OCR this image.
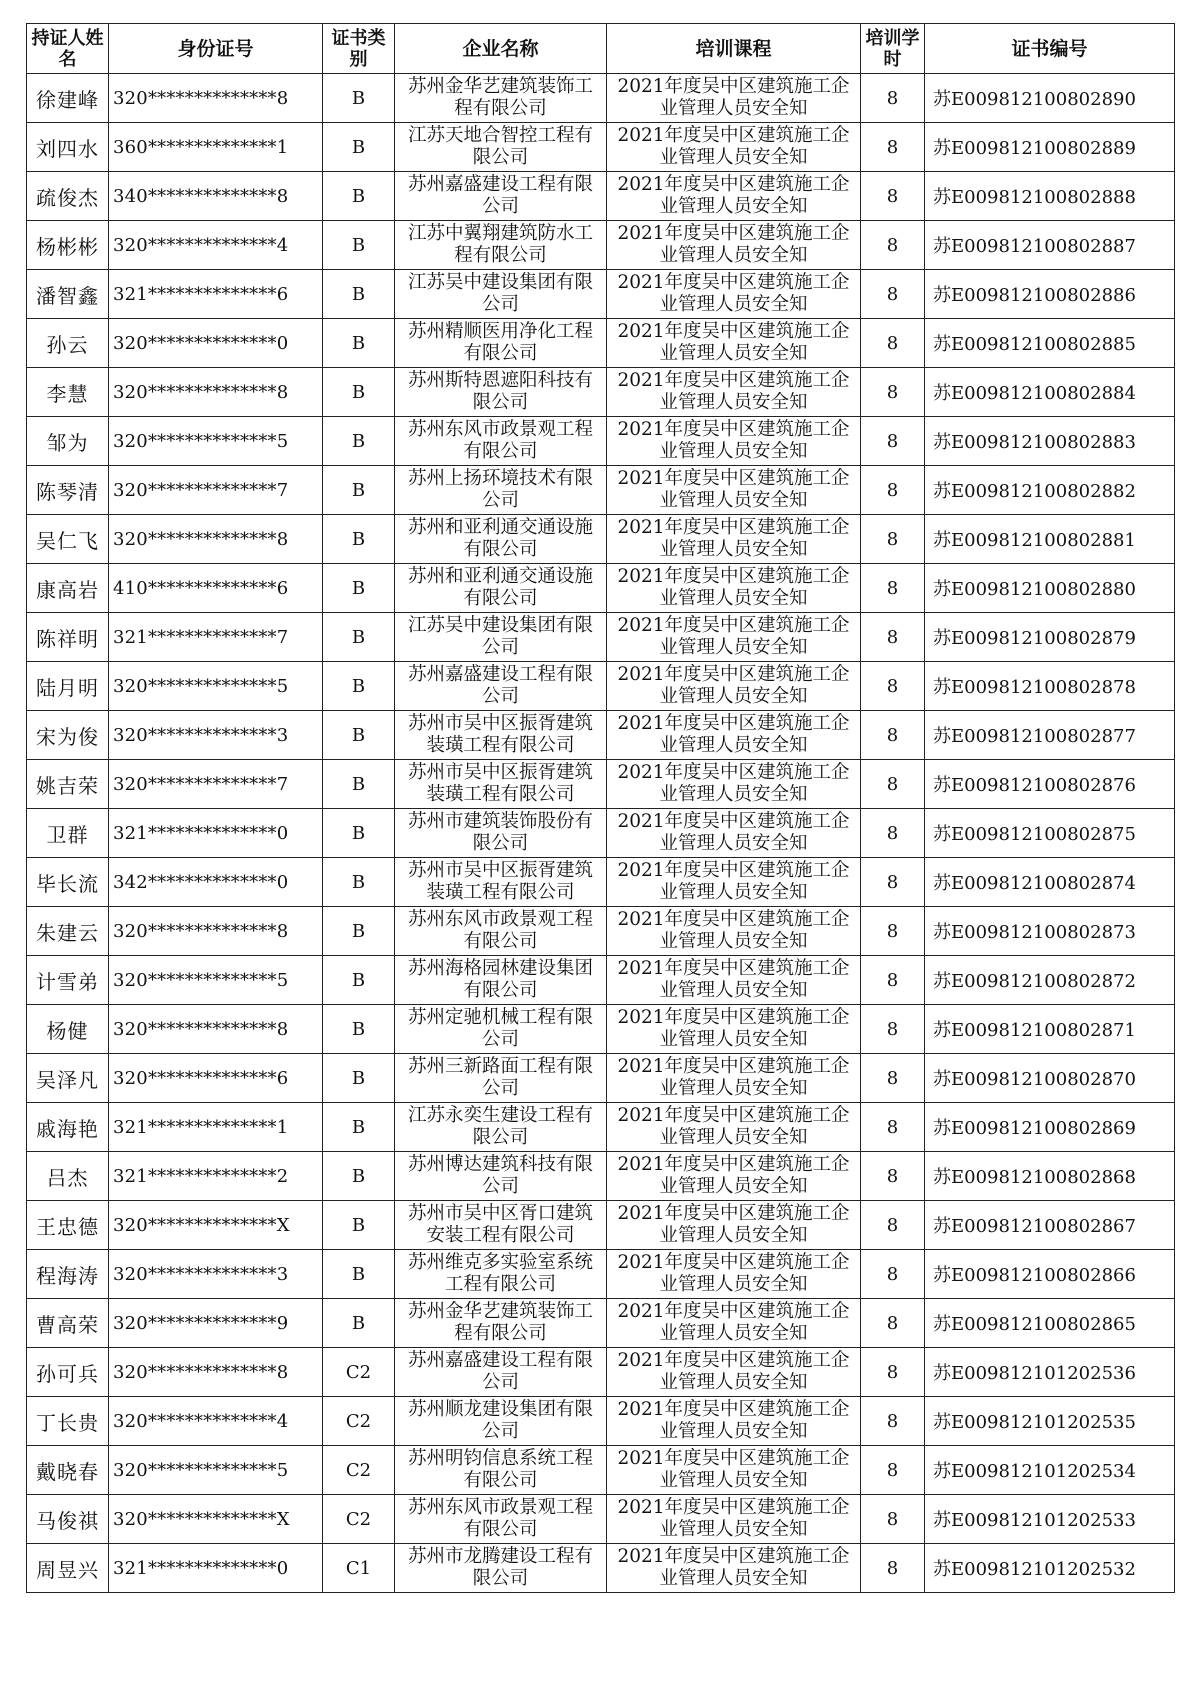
持证人姓名	身份证号	证书类别	企业名称	培训课程	培训学时	证书编号

徐建峰	320**************8	B	苏州金华艺建筑装饰工程有限公司	2021年度吴中区建筑施工企业管理人员安全知	8	苏E009812100802890

刘四水	360**************1	B	江苏天地合智控工程有限公司	2021年度吴中区建筑施工企业管理人员安全知	8	苏E009812100802889

疏俊杰	340**************8	B	苏州嘉盛建设工程有限公司	2021年度吴中区建筑施工企业管理人员安全知	8	苏E009812100802888

杨彬彬	320**************4	B	江苏中翼翔建筑防水工程有限公司	2021年度吴中区建筑施工企业管理人员安全知	8	苏E009812100802887

潘智鑫	321**************6	B	江苏吴中建设集团有限公司	2021年度吴中区建筑施工企业管理人员安全知	8	苏E009812100802886

孙云	320**************0	B	苏州精顺医用净化工程有限公司	2021年度吴中区建筑施工企业管理人员安全知	8	苏E009812100802885

李慧	320**************8	B	苏州斯特恩遮阳科技有限公司	2021年度吴中区建筑施工企业管理人员安全知	8	苏E009812100802884

邹为	320**************5	B	苏州东风市政景观工程有限公司	2021年度吴中区建筑施工企业管理人员安全知	8	苏E009812100802883

陈琴清	320**************7	B	苏州上扬环境技术有限公司	2021年度吴中区建筑施工企业管理人员安全知	8	苏E009812100802882

吴仁飞	320**************8	B	苏州和亚利通交通设施有限公司	2021年度吴中区建筑施工企业管理人员安全知	8	苏E009812100802881

康高岩	410**************6	B	苏州和亚利通交通设施有限公司	2021年度吴中区建筑施工企业管理人员安全知	8	苏E009812100802880

陈祥明	321**************7	B	江苏吴中建设集团有限公司	2021年度吴中区建筑施工企业管理人员安全知	8	苏E009812100802879

陆月明	320**************5	B	苏州嘉盛建设工程有限公司	2021年度吴中区建筑施工企业管理人员安全知	8	苏E009812100802878

宋为俊	320**************3	B	苏州市吴中区振胥建筑装璜工程有限公司	2021年度吴中区建筑施工企业管理人员安全知	8	苏E009812100802877

姚吉荣	320**************7	B	苏州市吴中区振胥建筑装璜工程有限公司	2021年度吴中区建筑施工企业管理人员安全知	8	苏E009812100802876

卫群	321**************0	B	苏州市建筑装饰股份有限公司	2021年度吴中区建筑施工企业管理人员安全知	8	苏E009812100802875

毕长流	342**************0	B	苏州市吴中区振胥建筑装璜工程有限公司	2021年度吴中区建筑施工企业管理人员安全知	8	苏E009812100802874

朱建云	320**************8	B	苏州东风市政景观工程有限公司	2021年度吴中区建筑施工企业管理人员安全知	8	苏E009812100802873

计雪弟	320**************5	B	苏州海格园林建设集团有限公司	2021年度吴中区建筑施工企业管理人员安全知	8	苏E009812100802872

杨健	320**************8	B	苏州定驰机械工程有限公司	2021年度吴中区建筑施工企业管理人员安全知	8	苏E009812100802871

吴泽凡	320**************6	B	苏州三新路面工程有限公司	2021年度吴中区建筑施工企业管理人员安全知	8	苏E009812100802870

戚海艳	321**************1	B	江苏永奕生建设工程有限公司	2021年度吴中区建筑施工企业管理人员安全知	8	苏E009812100802869

吕杰	321**************2	B	苏州博达建筑科技有限公司	2021年度吴中区建筑施工企业管理人员安全知	8	苏E009812100802868

王忠德	320**************X	B	苏州市吴中区胥口建筑安装工程有限公司	2021年度吴中区建筑施工企业管理人员安全知	8	苏E009812100802867

程海涛	320**************3	B	苏州维克多实验室系统工程有限公司	2021年度吴中区建筑施工企业管理人员安全知	8	苏E009812100802866

曹高荣	320**************9	B	苏州金华艺建筑装饰工程有限公司	2021年度吴中区建筑施工企业管理人员安全知	8	苏E009812100802865

孙可兵	320**************8	C2	苏州嘉盛建设工程有限公司	2021年度吴中区建筑施工企业管理人员安全知	8	苏E009812101202536

丁长贵	320**************4	C2	苏州顺龙建设集团有限公司	2021年度吴中区建筑施工企业管理人员安全知	8	苏E009812101202535

戴晓春	320**************5	C2	苏州明钧信息系统工程有限公司	2021年度吴中区建筑施工企业管理人员安全知	8	苏E009812101202534

马俊祺	320**************X	C2	苏州东风市政景观工程有限公司	2021年度吴中区建筑施工企业管理人员安全知	8	苏E009812101202533

周昱兴	321**************0	C1	苏州市龙腾建设工程有限公司	2021年度吴中区建筑施工企业管理人员安全知	8	苏E009812101202532
